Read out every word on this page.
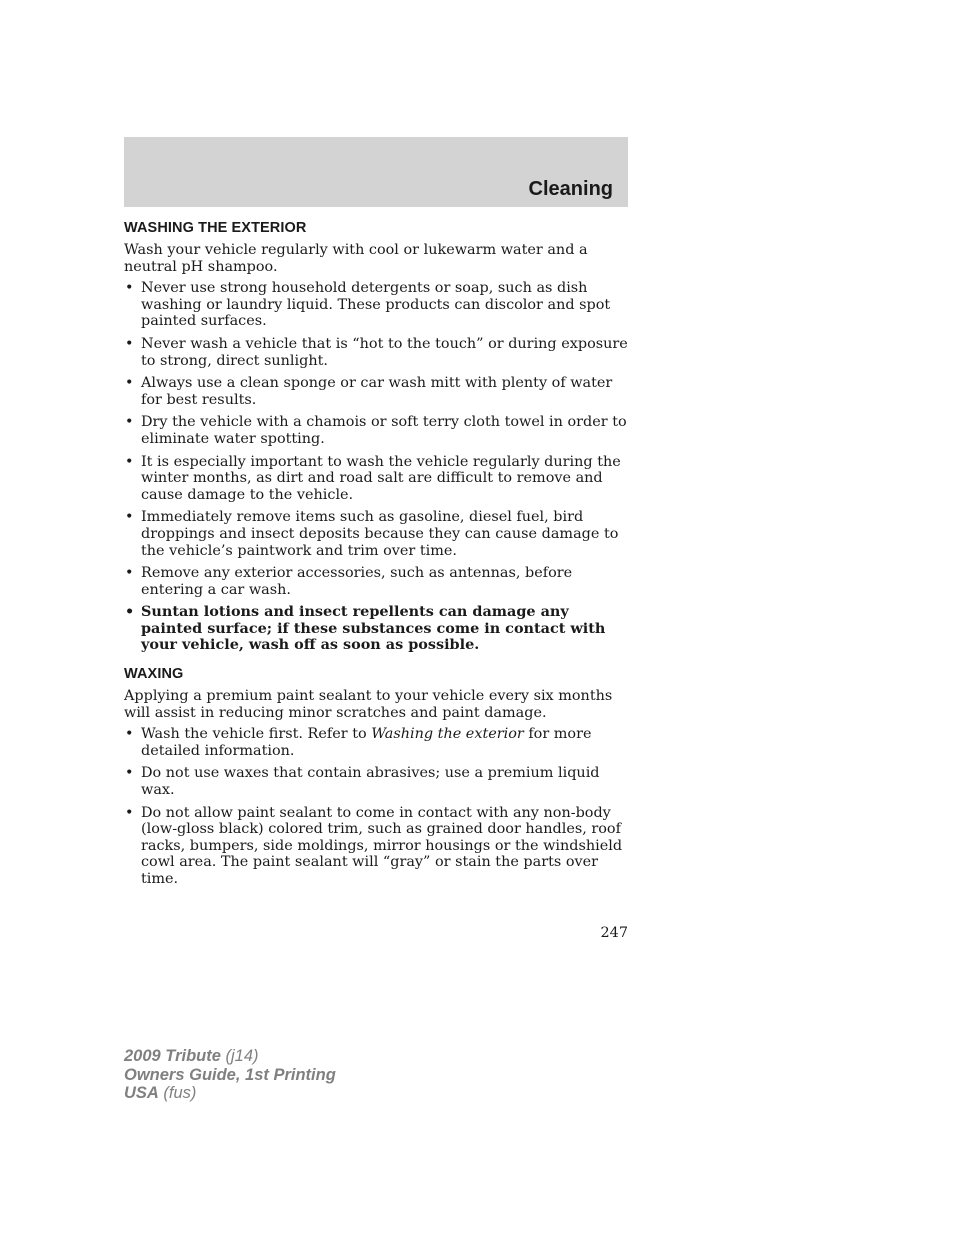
Cleaning
WASHING THE EXTERIOR

Wash your vehicle regularly with cool or lukewarm water and a neutral pH shampoo.

• Never use strong household detergents or soap, such as dish washing or laundry liquid. These products can discolor and spot painted surfaces.
• Never wash a vehicle that is “hot to the touch” or during exposure to strong, direct sunlight.
• Always use a clean sponge or car wash mitt with plenty of water for best results.
• Dry the vehicle with a chamois or soft terry cloth towel in order to eliminate water spotting.
• It is especially important to wash the vehicle regularly during the winter months, as dirt and road salt are difficult to remove and cause damage to the vehicle.
• Immediately remove items such as gasoline, diesel fuel, bird droppings and insect deposits because they can cause damage to the vehicle’s paintwork and trim over time.
• Remove any exterior accessories, such as antennas, before entering a car wash.
• Suntan lotions and insect repellents can damage any painted surface; if these substances come in contact with your vehicle, wash off as soon as possible.
WAXING

Applying a premium paint sealant to your vehicle every six months will assist in reducing minor scratches and paint damage.

• Wash the vehicle first. Refer to Washing the exterior for more detailed information.
• Do not use waxes that contain abrasives; use a premium liquid wax.
• Do not allow paint sealant to come in contact with any non-body (low-gloss black) colored trim, such as grained door handles, roof racks, bumpers, side moldings, mirror housings or the windshield cowl area. The paint sealant will “gray” or stain the parts over time.
247
2009 Tribute (j14)
Owners Guide, 1st Printing
USA (fus)
